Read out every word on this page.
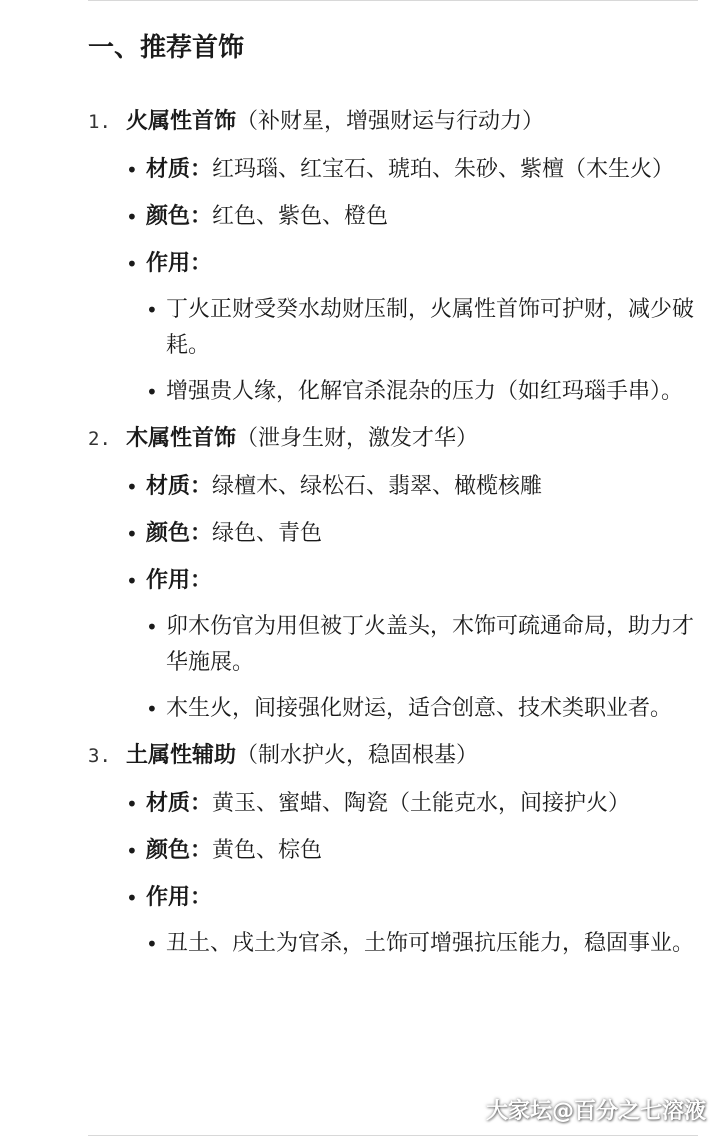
一、推荐首饰
1. 火属性首饰（补财星，增强财运与行动力）
• 材质：红玛瑙、红宝石、琥珀、朱砂、紫檀（木生火）
• 颜色：红色、紫色、橙色
• 作用：
• 丁火正财受癸水劫财压制，火属性首饰可护财，减少破耗。
• 增强贵人缘，化解官杀混杂的压力（如红玛瑙手串）。
2. 木属性首饰（泄身生财，激发才华）
• 材质：绿檀木、绿松石、翡翠、橄榄核雕
• 颜色：绿色、青色
• 作用：
• 卯木伤官为用但被丁火盖头，木饰可疏通命局，助力才华施展。
• 木生火，间接强化财运，适合创意、技术类职业者。
3. 土属性辅助（制水护火，稳固根基）
• 材质：黄玉、蜜蜡、陶瓷（土能克水，间接护火）
• 颜色：黄色、棕色
• 作用：
• 丑土、戌土为官杀，土饰可增强抗压能力，稳固事业。
大家坛@百分之七溶液
